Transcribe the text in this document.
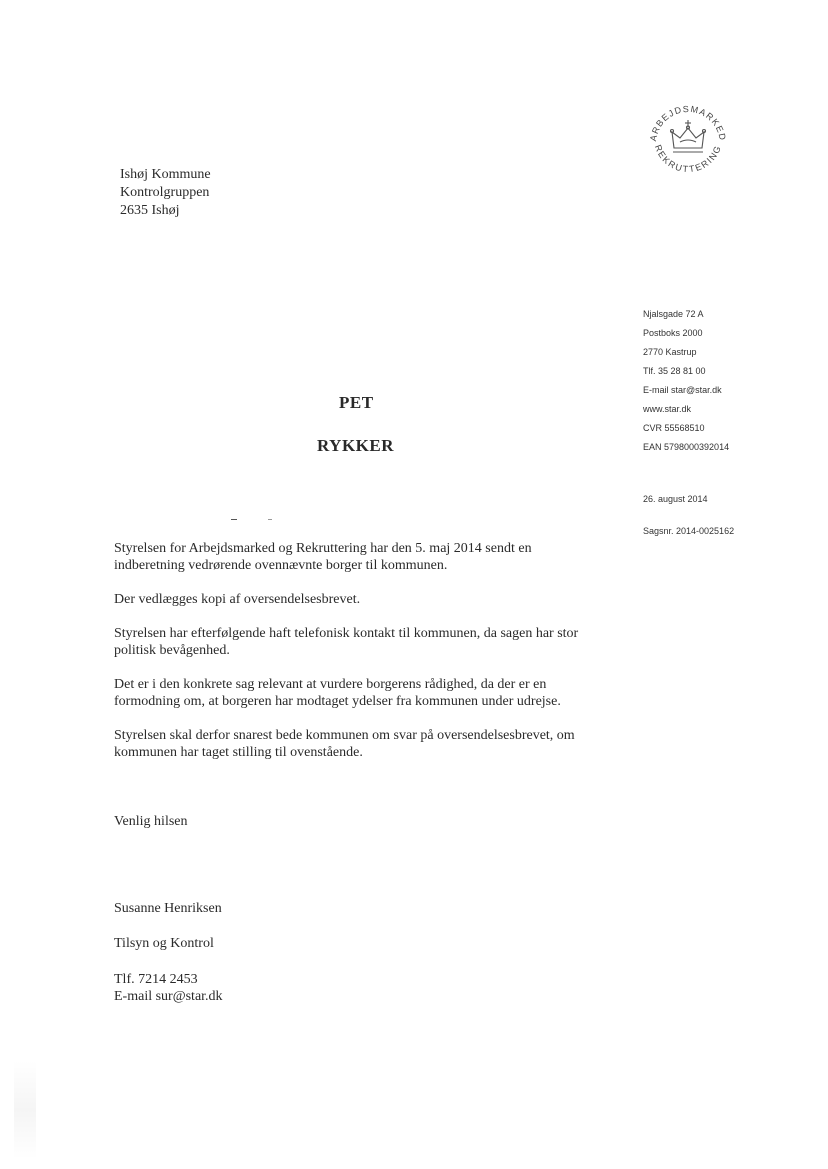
Ishøj Kommune
Kontrolgruppen
2635 Ishøj
ARBEJDSMARKED
REKRUTTERING
Njalsgade 72 A
Postboks 2000
2770 Kastrup
Tlf. 35 28 81 00
E-mail star@star.dk
www.star.dk
CVR 55568510
EAN 5798000392014
26. august 2014
Sagsnr. 2014-0025162
PET
RYKKER

Styrelsen for Arbejdsmarked og Rekruttering har den 5. maj 2014 sendt en
indberetning vedrørende ovennævnte borger til kommunen.

Der vedlægges kopi af oversendelsesbrevet.

Styrelsen har efterfølgende haft telefonisk kontakt til kommunen, da sagen har stor
politisk bevågenhed.

Det er i den konkrete sag relevant at vurdere borgerens rådighed, da der er en
formodning om, at borgeren har modtaget ydelser fra kommunen under udrejse.

Styrelsen skal derfor snarest bede kommunen om svar på oversendelsesbrevet, om
kommunen har taget stilling til ovenstående.

Venlig hilsen
Susanne Henriksen
Tilsyn og Kontrol
Tlf. 7214 2453
E-mail sur@star.dk
